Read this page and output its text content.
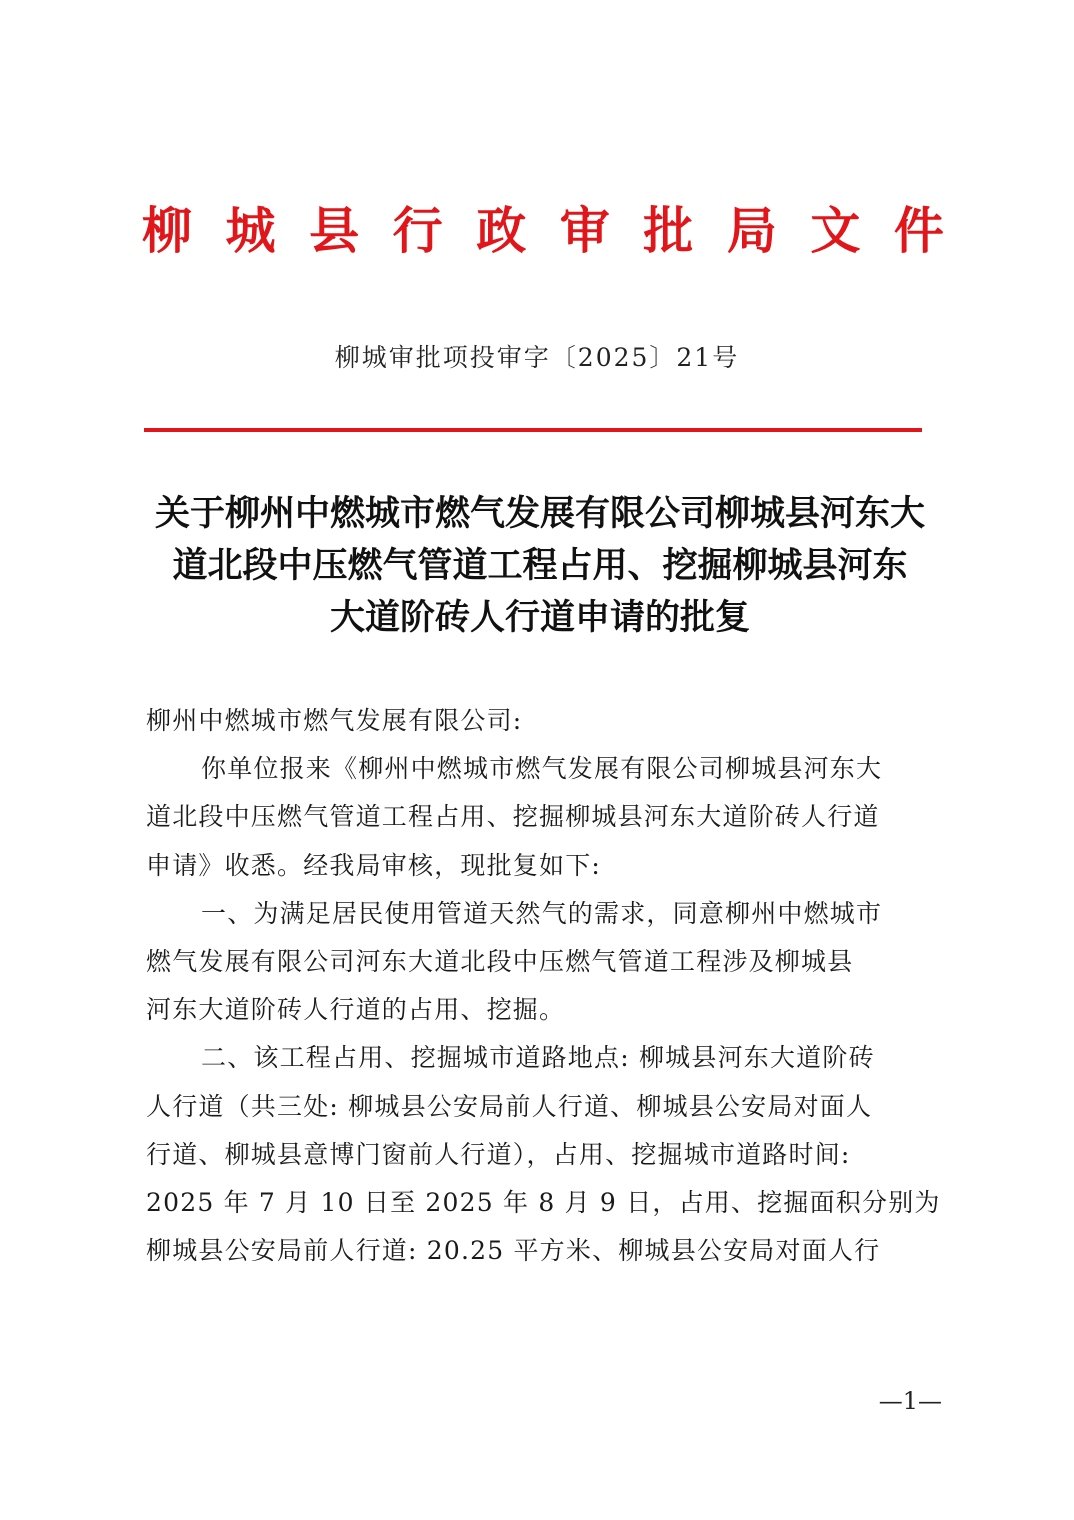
柳 城 县 行 政 审 批 局 文 件
柳城审批项投审字〔2025〕21号
关于柳州中燃城市燃气发展有限公司柳城县河东大
道北段中压燃气管道工程占用、挖掘柳城县河东
大道阶砖人行道申请的批复
柳州中燃城市燃气发展有限公司:
你单位报来《柳州中燃城市燃气发展有限公司柳城县河东大
道北段中压燃气管道工程占用、挖掘柳城县河东大道阶砖人行道
申请》收悉。经我局审核，现批复如下:
一、为满足居民使用管道天然气的需求，同意柳州中燃城市
燃气发展有限公司河东大道北段中压燃气管道工程涉及柳城县
河东大道阶砖人行道的占用、挖掘。
二、该工程占用、挖掘城市道路地点: 柳城县河东大道阶砖
人行道（共三处: 柳城县公安局前人行道、柳城县公安局对面人
行道、柳城县意博门窗前人行道），占用、挖掘城市道路时间:
2025 年 7 月 10 日至 2025 年 8 月 9 日，占用、挖掘面积分别为
柳城县公安局前人行道: 20.25 平方米、柳城县公安局对面人行
—1—
